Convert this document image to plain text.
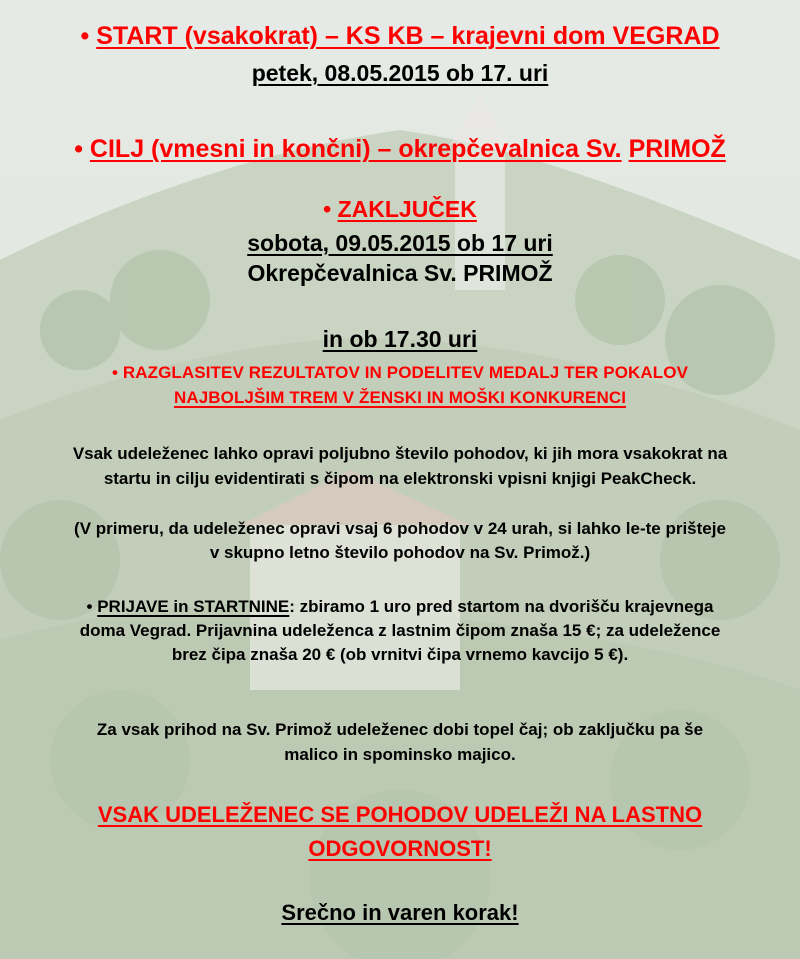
• START (vsakokrat) – KS KB – krajevni dom VEGRAD
petek, 08.05.2015 ob 17. uri
• CILJ (vmesni in končni) – okrepčevalnica Sv. PRIMOŽ
• ZAKLJUČEK
sobota, 09.05.2015 ob 17 uri
Okrepčevalnica Sv. PRIMOŽ
in ob 17.30 uri
• RAZGLASITEV REZULTATOV IN PODELITEV MEDALJ TER POKALOV
NAJBOLJŠIM TREM V ŽENSKI IN MOŠKI KONKURENCI
Vsak udeleženec lahko opravi poljubno število pohodov, ki jih mora vsakokrat na
startu in cilju evidentirati s čipom na elektronski vpisni knjigi PeakCheck.
(V primeru, da udeleženec opravi vsaj 6 pohodov v 24 urah, si lahko le-te prišteje
v skupno letno število pohodov na Sv. Primož.)
• PRIJAVE in STARTNINE: zbiramo 1 uro pred startom na dvorišču krajevnega
doma Vegrad. Prijavnina udeleženca z lastnim čipom znaša 15 €; za udeležence
brez čipa znaša 20 € (ob vrnitvi čipa vrnemo kavcijo 5 €).
Za vsak prihod na Sv. Primož udeleženec dobi topel čaj; ob zaključku pa še
malico in spominsko majico.
VSAK UDELEŽENEC SE POHODOV UDELEŽI NA LASTNO
ODGOVORNOST!
Srečno in varen korak!
